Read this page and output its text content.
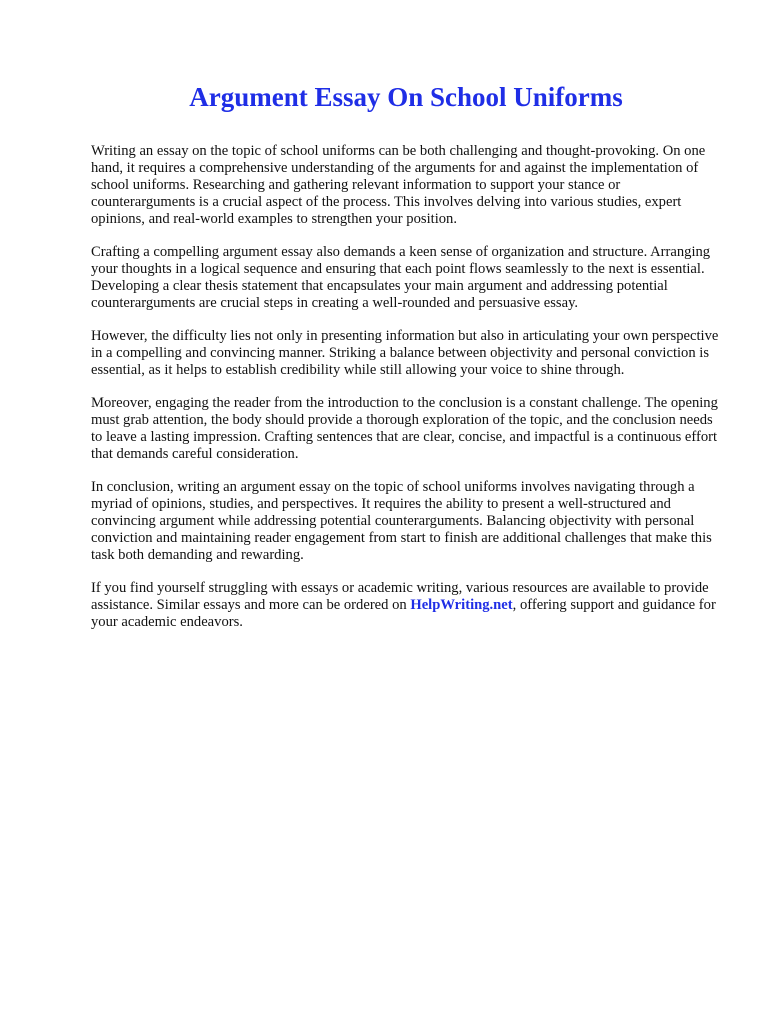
Argument Essay On School Uniforms

Writing an essay on the topic of school uniforms can be both challenging and thought-provoking. On one hand, it requires a comprehensive understanding of the arguments for and against the implementation of school uniforms. Researching and gathering relevant information to support your stance or counterarguments is a crucial aspect of the process. This involves delving into various studies, expert opinions, and real-world examples to strengthen your position.

Crafting a compelling argument essay also demands a keen sense of organization and structure. Arranging your thoughts in a logical sequence and ensuring that each point flows seamlessly to the next is essential. Developing a clear thesis statement that encapsulates your main argument and addressing potential counterarguments are crucial steps in creating a well-rounded and persuasive essay.

However, the difficulty lies not only in presenting information but also in articulating your own perspective in a compelling and convincing manner. Striking a balance between objectivity and personal conviction is essential, as it helps to establish credibility while still allowing your voice to shine through.

Moreover, engaging the reader from the introduction to the conclusion is a constant challenge. The opening must grab attention, the body should provide a thorough exploration of the topic, and the conclusion needs to leave a lasting impression. Crafting sentences that are clear, concise, and impactful is a continuous effort that demands careful consideration.

In conclusion, writing an argument essay on the topic of school uniforms involves navigating through a myriad of opinions, studies, and perspectives. It requires the ability to present a well-structured and convincing argument while addressing potential counterarguments. Balancing objectivity with personal conviction and maintaining reader engagement from start to finish are additional challenges that make this task both demanding and rewarding.

If you find yourself struggling with essays or academic writing, various resources are available to provide assistance. Similar essays and more can be ordered on HelpWriting.net, offering support and guidance for your academic endeavors.
